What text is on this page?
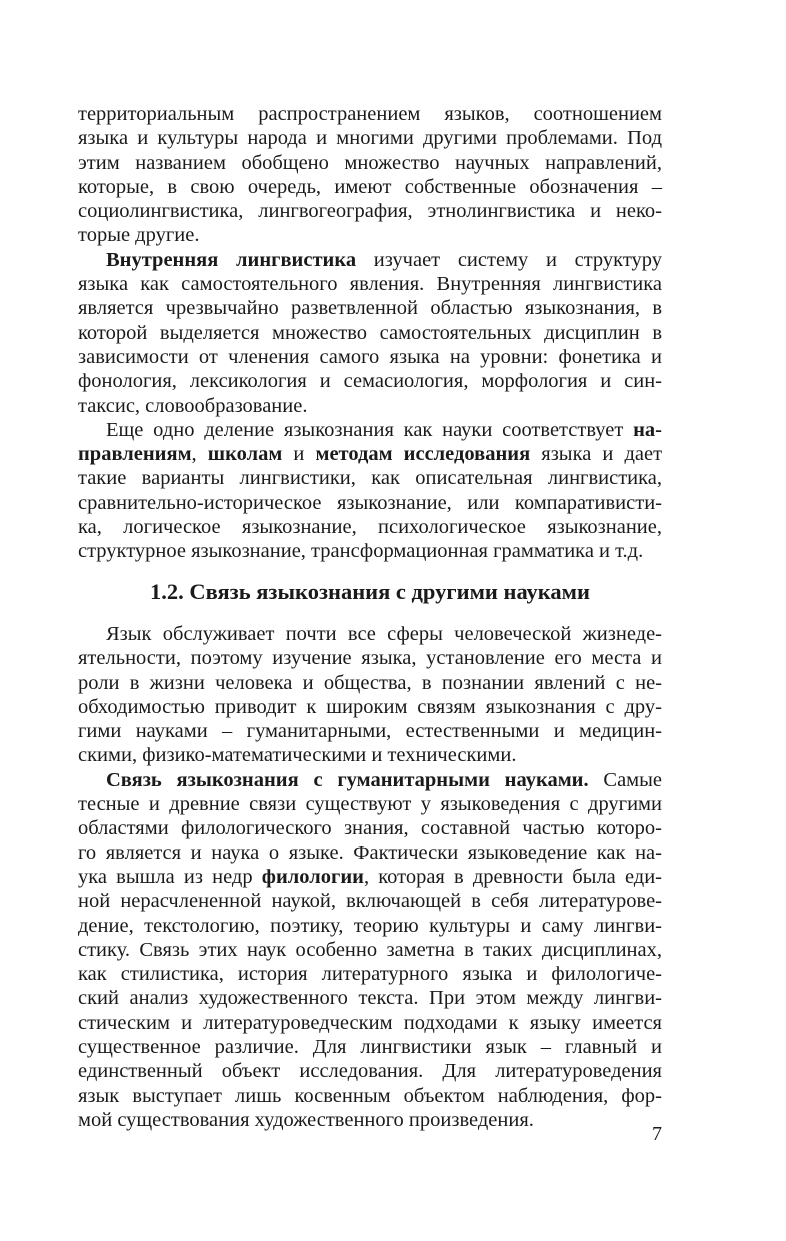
территориальным распространением языков, соотношением
языка и культуры народа и многими другими проблемами. Под
этим названием обобщено множество научных направлений,
которые, в свою очередь, имеют собственные обозначения –
социолингвистика, лингвогеография, этнолингвистика и неко-
торые другие.
Внутренняя лингвистика изучает систему и структуру
языка как самостоятельного явления. Внутренняя лингвистика
является чрезвычайно разветвленной областью языкознания, в
которой выделяется множество самостоятельных дисциплин в
зависимости от членения самого языка на уровни: фонетика и
фонология, лексикология и семасиология, морфология и син-
таксис, словообразование.
Еще одно деление языкознания как науки соответствует на-
правлениям, школам и методам исследования языка и дает
такие варианты лингвистики, как описательная лингвистика,
сравнительно-историческое языкознание, или компаративисти-
ка, логическое языкознание, психологическое языкознание,
структурное языкознание, трансформационная грамматика и т.д.
1.2. Связь языкознания с другими науками
Язык обслуживает почти все сферы человеческой жизнеде-
ятельности, поэтому изучение языка, установление его места и
роли в жизни человека и общества, в познании явлений с не-
обходимостью приводит к широким связям языкознания с дру-
гими науками – гуманитарными, естественными и медицин-
скими, физико-математическими и техническими.
Связь языкознания с гуманитарными науками. Самые
тесные и древние связи существуют у языковедения с другими
областями филологического знания, составной частью которо-
го является и наука о языке. Фактически языковедение как на-
ука вышла из недр филологии, которая в древности была еди-
ной нерасчлененной наукой, включающей в себя литературове-
дение, текстологию, поэтику, теорию культуры и саму лингви-
стику. Связь этих наук особенно заметна в таких дисциплинах,
как стилистика, история литературного языка и филологиче-
ский анализ художественного текста. При этом между лингви-
стическим и литературоведческим подходами к языку имеется
существенное различие. Для лингвистики язык – главный и
единственный объект исследования. Для литературоведения
язык выступает лишь косвенным объектом наблюдения, фор-
мой существования художественного произведения.
7
